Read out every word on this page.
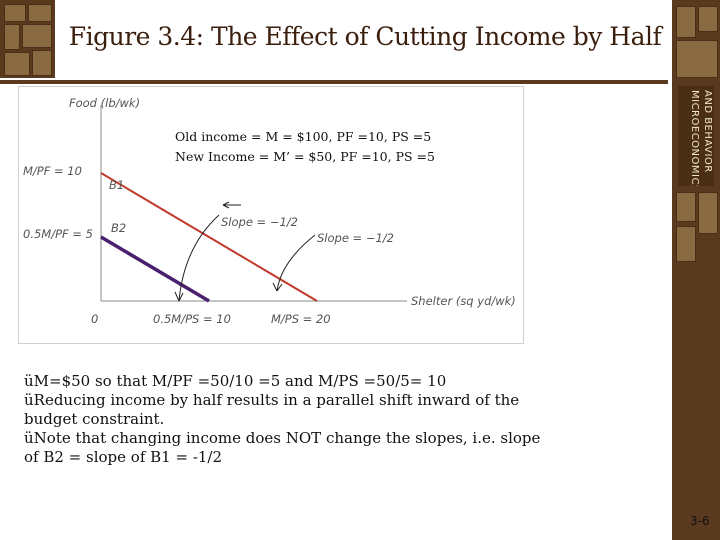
Figure 3.4: The Effect of Cutting Income by Half
MICROECONOMICS AND BEHAVIOR
Food (lb/wk)
Shelter (sq yd/wk)
0
M/PF = 10
0.5M/PF = 5
0.5M/PS = 10	M/PS = 20
B1
B2	Slope = −1/2
Slope = −1/2
Old income = M = $100, PF =10, PS =5
New Income = M’ = $50, PF =10, PS =5

üM=$50 so that M/PF =50/10 =5 and M/PS =50/5= 10

üReducing income by half results in a parallel shift inward of the budget constraint.

üNote that changing income does NOT change the slopes, i.e. slope of B2 = slope of B1 = -1/2

3-6
